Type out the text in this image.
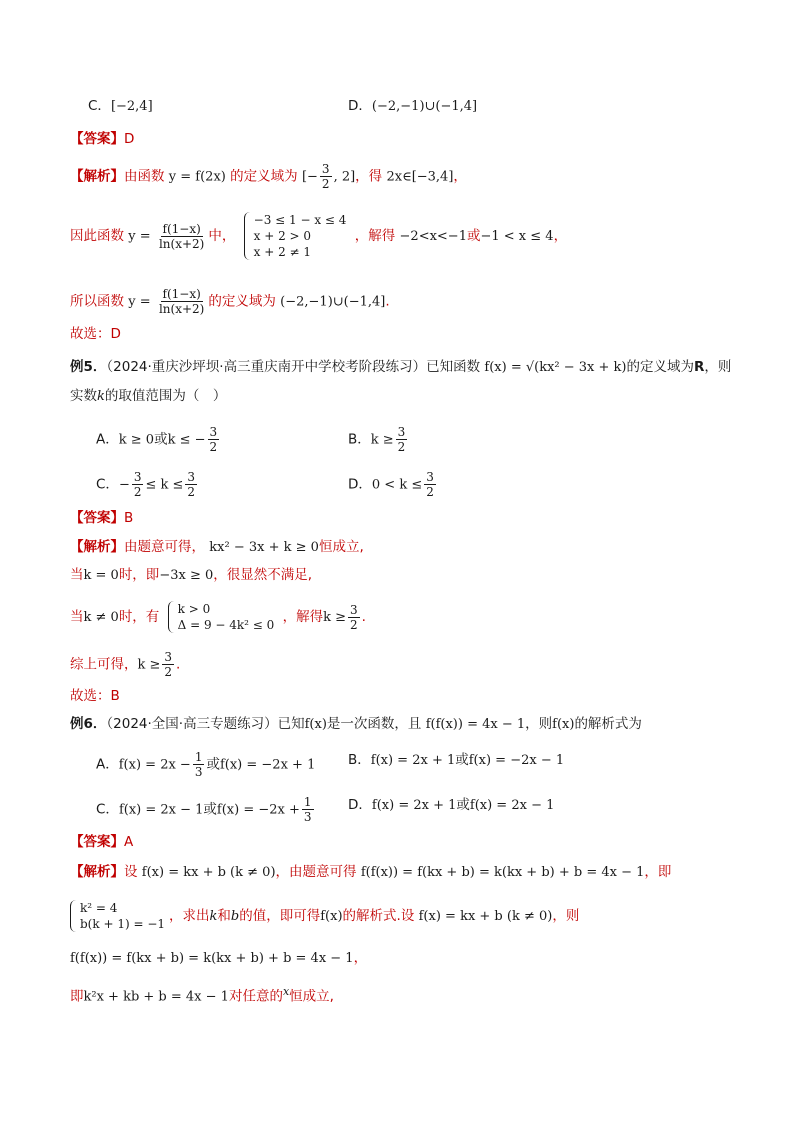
C．[−2,4]	D．(−2,−1)∪(−1,4]
【答案】D
【解析】由函数 y = f(2x) 的定义域为 [− $\frac{3}{2}$ , 2]，得 2x∈[−3,4]，
因此函数 $y = \frac{f(1-x)}{\ln(x+2)}$ 中，
−3 ≤ 1 − x ≤ 4
x + 2 > 0
x + 2 ≠ 1
，解得 −2<x<−1或−1 < x ≤ 4，
所以函数 $y = \frac{f(1-x)}{\ln(x+2)}$ 的定义域为 (−2,−1)∪(−1,4].
故选：D
例5．（2024·重庆沙坪坝·高三重庆南开中学校考阶段练习）已知函数 f(x) = √(kx² − 3x + k)的定义域为R，则
实数k的取值范围为（　）
A．k ≥ 0或k ≤ − $\frac{3}{2}$	B．$k \ge \frac{3}{2}$
C．− $\frac{3}{2} \le k \le \frac{3}{2}$	D．$0 < k \le \frac{3}{2}$
【答案】B
【解析】由题意可得， kx² − 3x + k ≥ 0恒成立,
当k = 0时，即−3x ≥ 0，很显然不满足,
当k ≠ 0时，有 k > 0
Δ = 9 − 4k² ≤ 0 ，解得$k \ge \frac{3}{2}$ .
综上可得，$k \ge \frac{3}{2}$ .
故选：B
例6．（2024·全国·高三专题练习）已知f(x)是一次函数，且 f(f(x)) = 4x − 1，则f(x)的解析式为
A．$f(x) = 2x - \frac{1}{3}$ 或f(x) = −2x + 1 B．f(x) = 2x + 1或f(x) = −2x − 1
C．f(x) = 2x − 1或$f(x) = -2x + \frac{1}{3}$	D．f(x) = 2x + 1或f(x) = 2x − 1
【答案】A
【解析】设 f(x) = kx + b (k ≠ 0)，由题意可得 f(f(x)) = f(kx + b) = k(kx + b) + b = 4x − 1，即
k² = 4
b(k + 1) = −1 ，求出k和b的值，即可得f(x)的解析式.设 f(x) = kx + b (k ≠ 0)，则
f(f(x)) = f(kx + b) = k(kx + b) + b = 4x − 1，
即k²x + kb + b = 4x − 1对任意的$^x$恒成立,
